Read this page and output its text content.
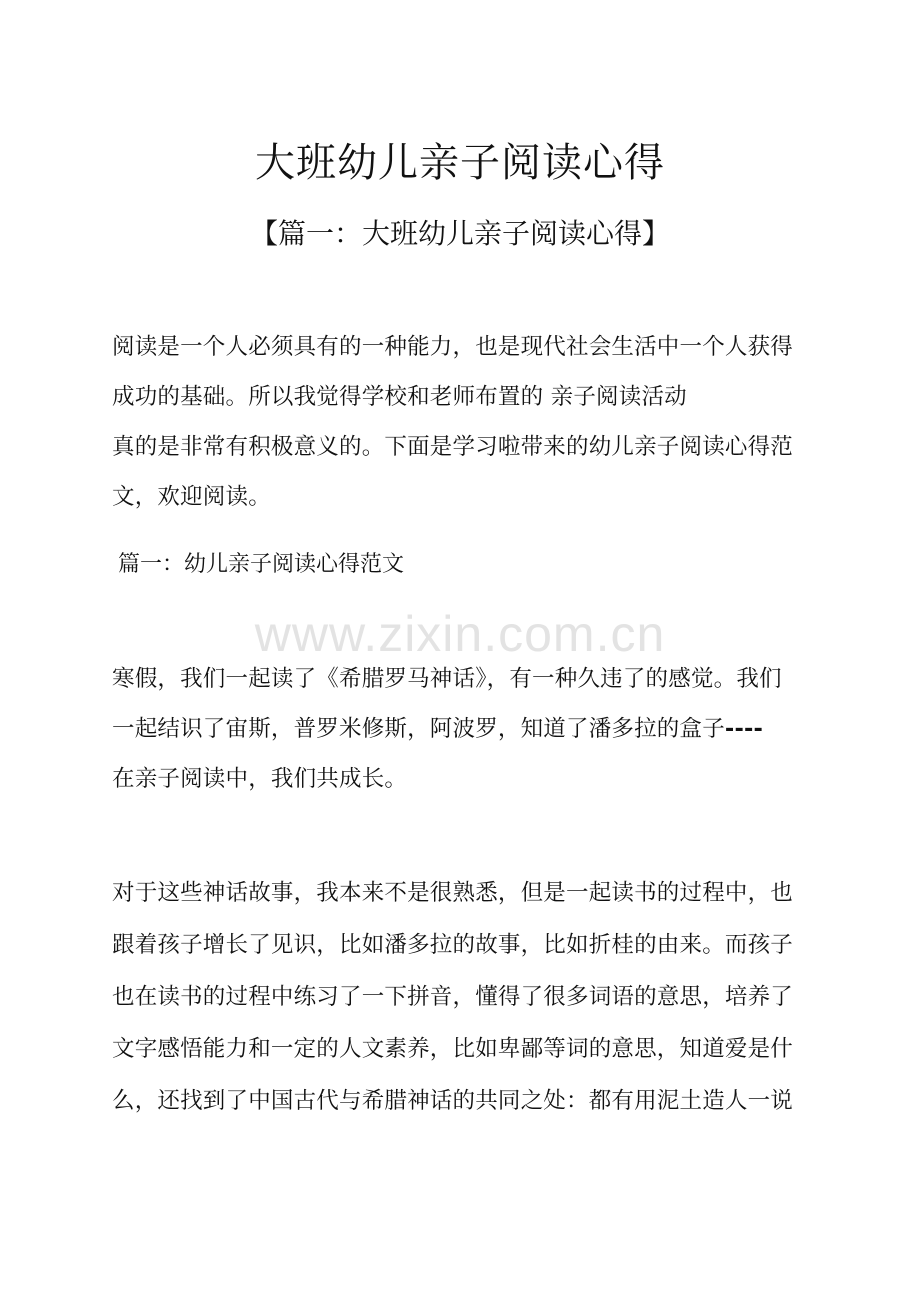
大班幼儿亲子阅读心得
【篇一：大班幼儿亲子阅读心得】
阅读是一个人必须具有的一种能力，也是现代社会生活中一个人获得
成功的基础。所以我觉得学校和老师布置的 亲子阅读活动
真的是非常有积极意义的。下面是学习啦带来的幼儿亲子阅读心得范
文，欢迎阅读。
篇一：幼儿亲子阅读心得范文
www.zixin.com.cn
寒假，我们一起读了《希腊罗马神话》，有一种久违了的感觉。我们
一起结识了宙斯，普罗米修斯，阿波罗，知道了潘多拉的盒子----
在亲子阅读中，我们共成长。
对于这些神话故事，我本来不是很熟悉，但是一起读书的过程中，也
跟着孩子增长了见识，比如潘多拉的故事，比如折桂的由来。而孩子
也在读书的过程中练习了一下拼音，懂得了很多词语的意思，培养了
文字感悟能力和一定的人文素养，比如卑鄙等词的意思，知道爱是什
么，还找到了中国古代与希腊神话的共同之处：都有用泥土造人一说
